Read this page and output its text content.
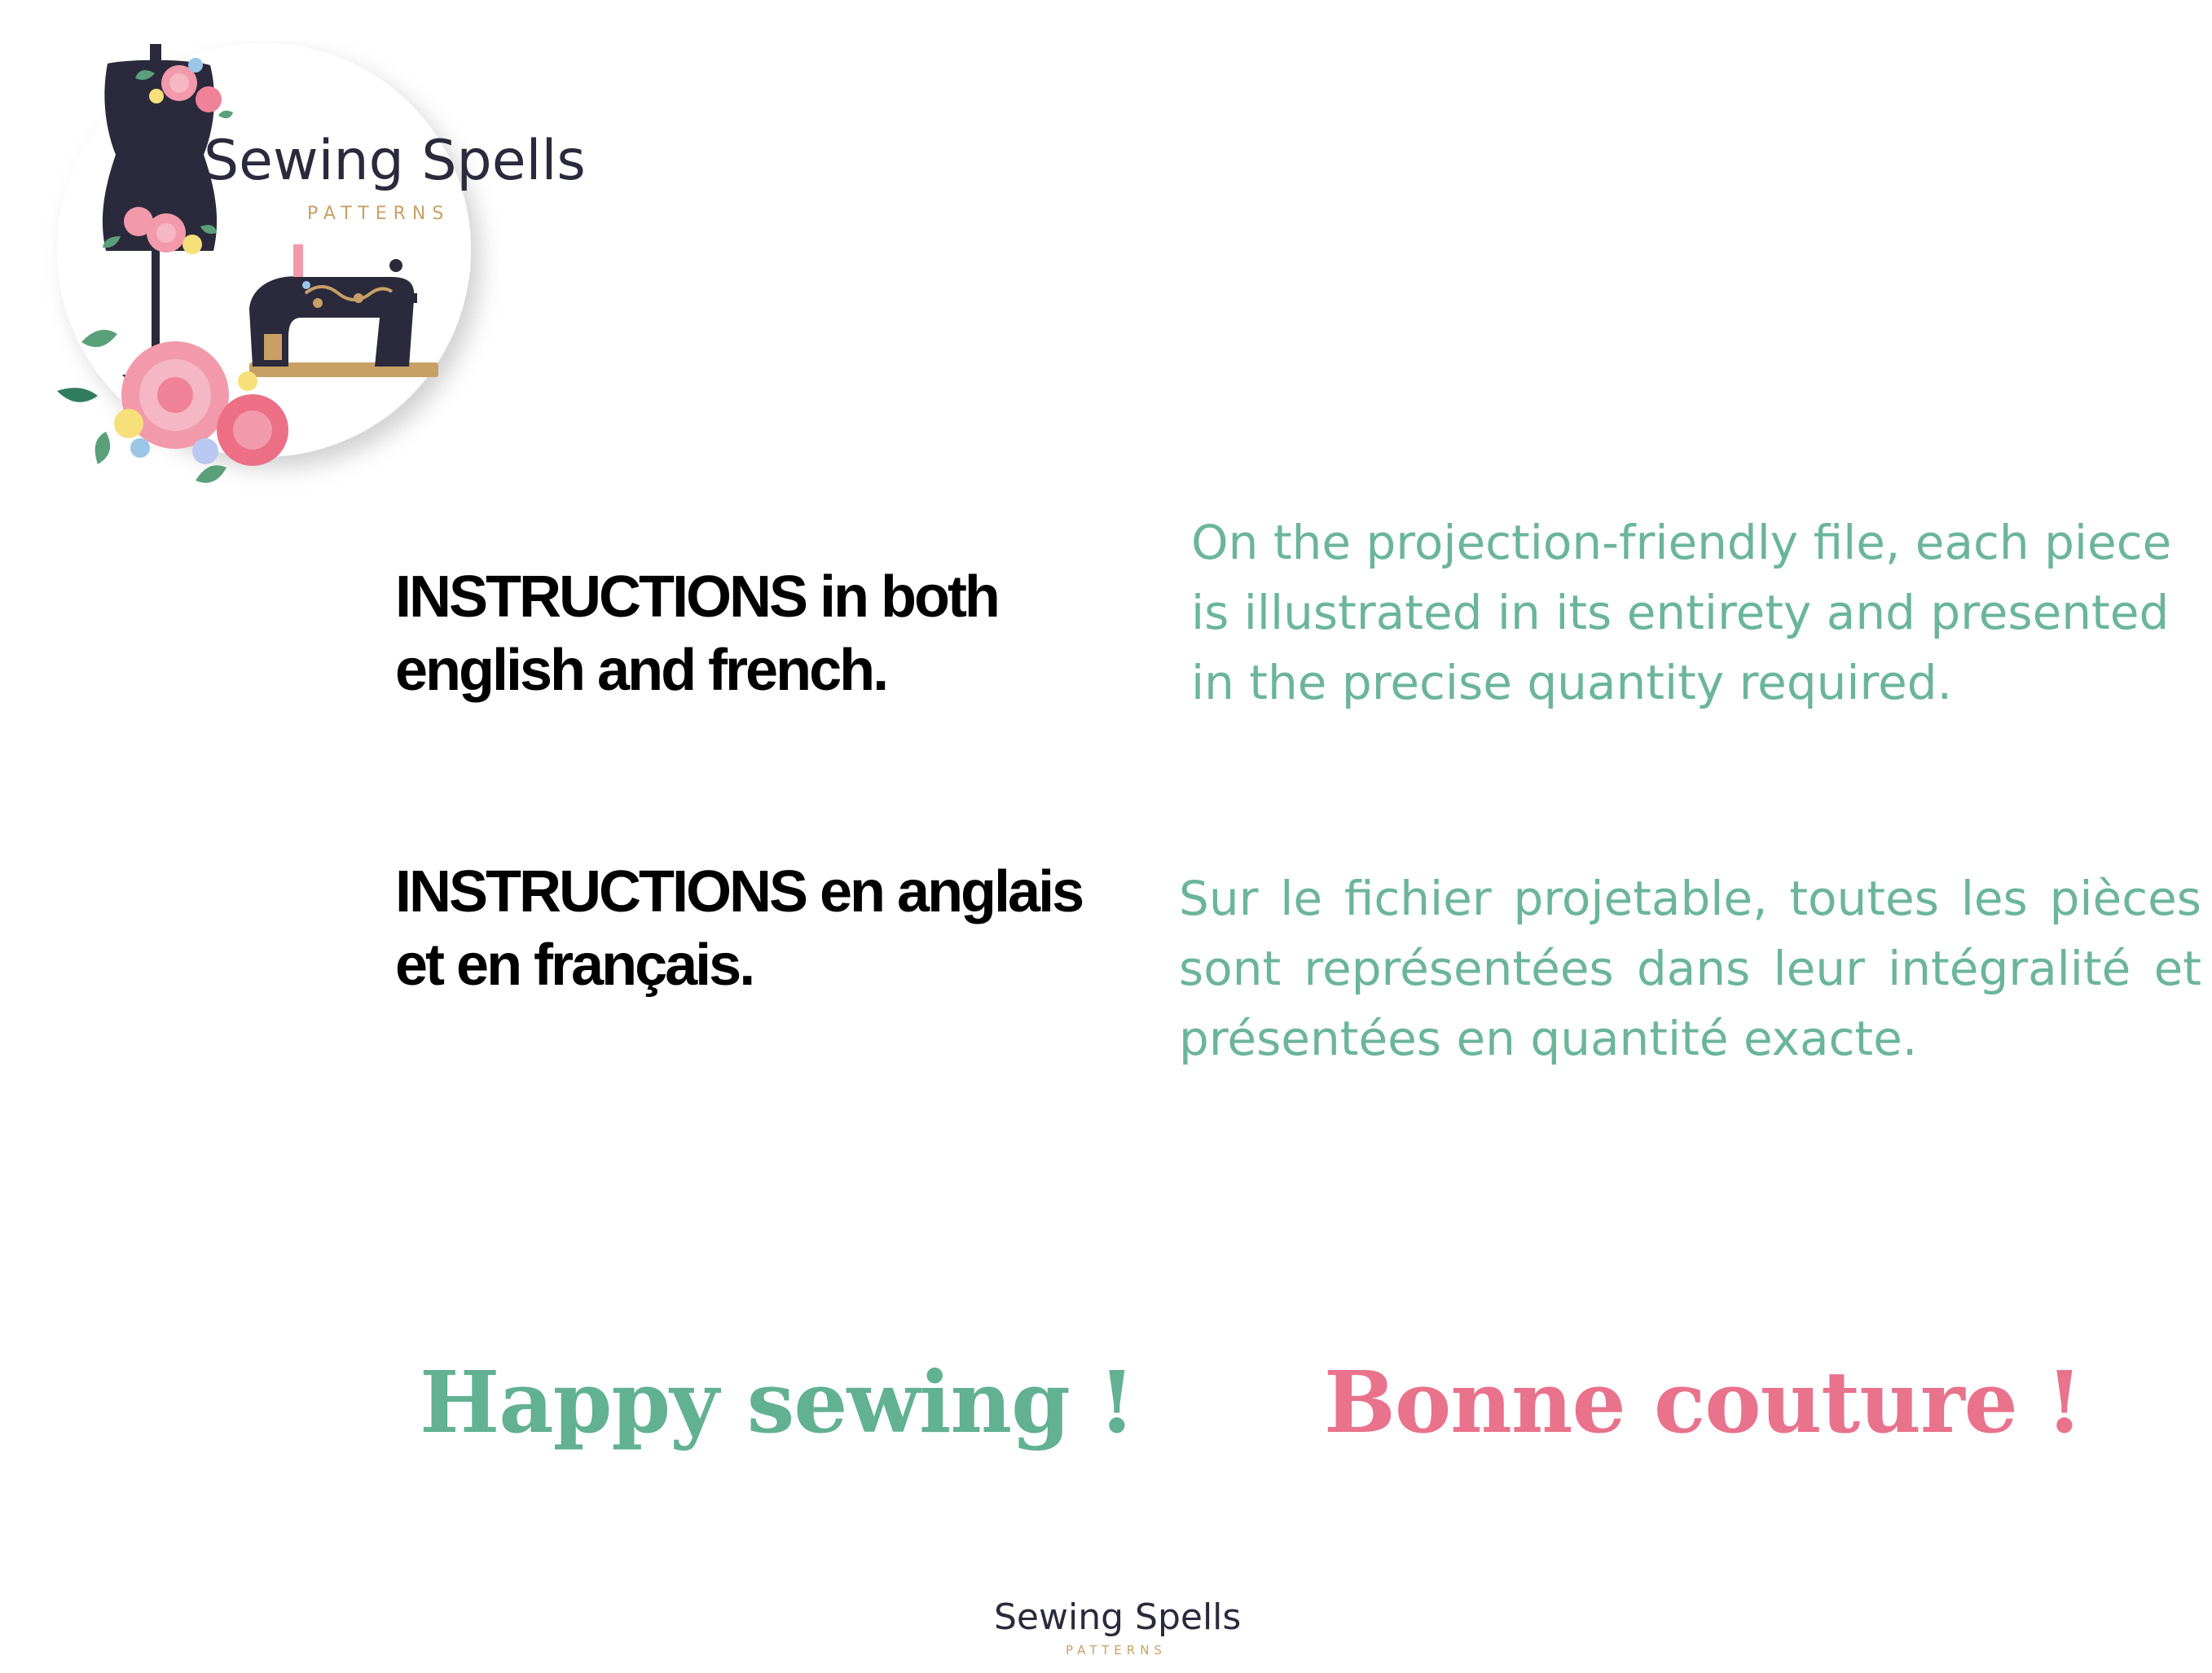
Sewing Spells
PATTERNS
INSTRUCTIONS in both
english and french.
On the projection-friendly file, each piece
is illustrated in its entirety and presented
in the precise quantity required.
INSTRUCTIONS en anglais
et en français.
Sur le fichier projetable, toutes les pièces
sont représentées dans leur intégralité et
présentées en quantité exacte.
Happy sewing ! Bonne couture !
Sewing Spells
PATTERNS
